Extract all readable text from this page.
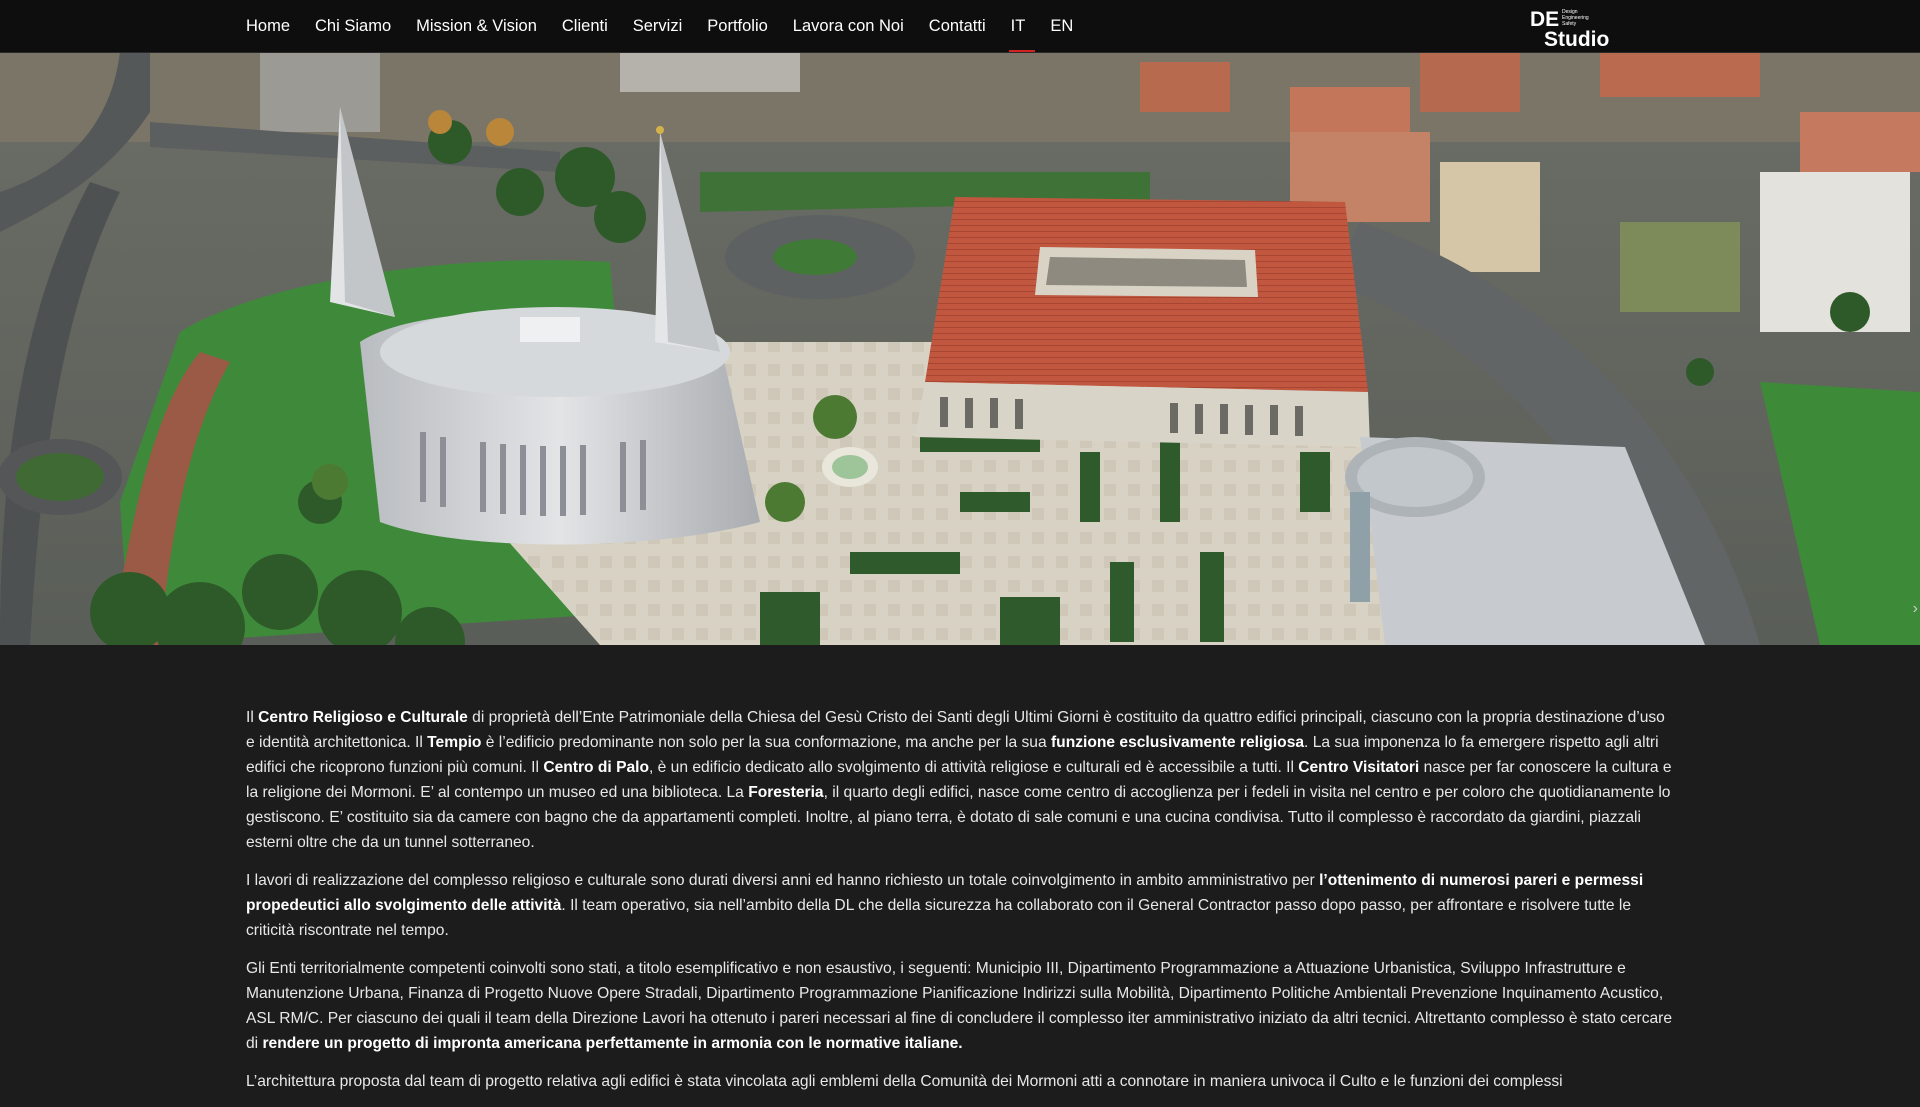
Home Chi Siamo Mission & Vision Clienti Servizi Portfolio Lavora con Noi Contatti IT EN	DE Design
Engineering
Safety
Studio
›

Il Centro Religioso e Culturale di proprietà dell’Ente Patrimoniale della Chiesa del Gesù Cristo dei Santi degli Ultimi Giorni è costituito da quattro edifici principali, ciascuno con la propria destinazione d’uso e identità architettonica. Il Tempio è l’edificio predominante non solo per la sua conformazione, ma anche per la sua funzione esclusivamente religiosa. La sua imponenza lo fa emergere rispetto agli altri edifici che ricoprono funzioni più comuni. Il Centro di Palo, è un edificio dedicato allo svolgimento di attività religiose e culturali ed è accessibile a tutti. Il Centro Visitatori nasce per far conoscere la cultura e la religione dei Mormoni. E’ al contempo un museo ed una biblioteca. La Foresteria, il quarto degli edifici, nasce come centro di accoglienza per i fedeli in visita nel centro e per coloro che quotidianamente lo gestiscono. E’ costituito sia da camere con bagno che da appartamenti completi. Inoltre, al piano terra, è dotato di sale comuni e una cucina condivisa. Tutto il complesso è raccordato da giardini, piazzali esterni oltre che da un tunnel sotterraneo.

I lavori di realizzazione del complesso religioso e culturale sono durati diversi anni ed hanno richiesto un totale coinvolgimento in ambito amministrativo per l’ottenimento di numerosi pareri e permessi propedeutici allo svolgimento delle attività. Il team operativo, sia nell’ambito della DL che della sicurezza ha collaborato con il General Contractor passo dopo passo, per affrontare e risolvere tutte le criticità riscontrate nel tempo.

Gli Enti territorialmente competenti coinvolti sono stati, a titolo esemplificativo e non esaustivo, i seguenti: Municipio III, Dipartimento Programmazione a Attuazione Urbanistica, Sviluppo Infrastrutture e Manutenzione Urbana, Finanza di Progetto Nuove Opere Stradali, Dipartimento Programmazione Pianificazione Indirizzi sulla Mobilità, Dipartimento Politiche Ambientali Prevenzione Inquinamento Acustico, ASL RM/C. Per ciascuno dei quali il team della Direzione Lavori ha ottenuto i pareri necessari al fine di concludere il complesso iter amministrativo iniziato da altri tecnici. Altrettanto complesso è stato cercare di rendere un progetto di impronta americana perfettamente in armonia con le normative italiane.

L’architettura proposta dal team di progetto relativa agli edifici è stata vincolata agli emblemi della Comunità dei Mormoni atti a connotare in maniera univoca il Culto e le funzioni dei complessi
